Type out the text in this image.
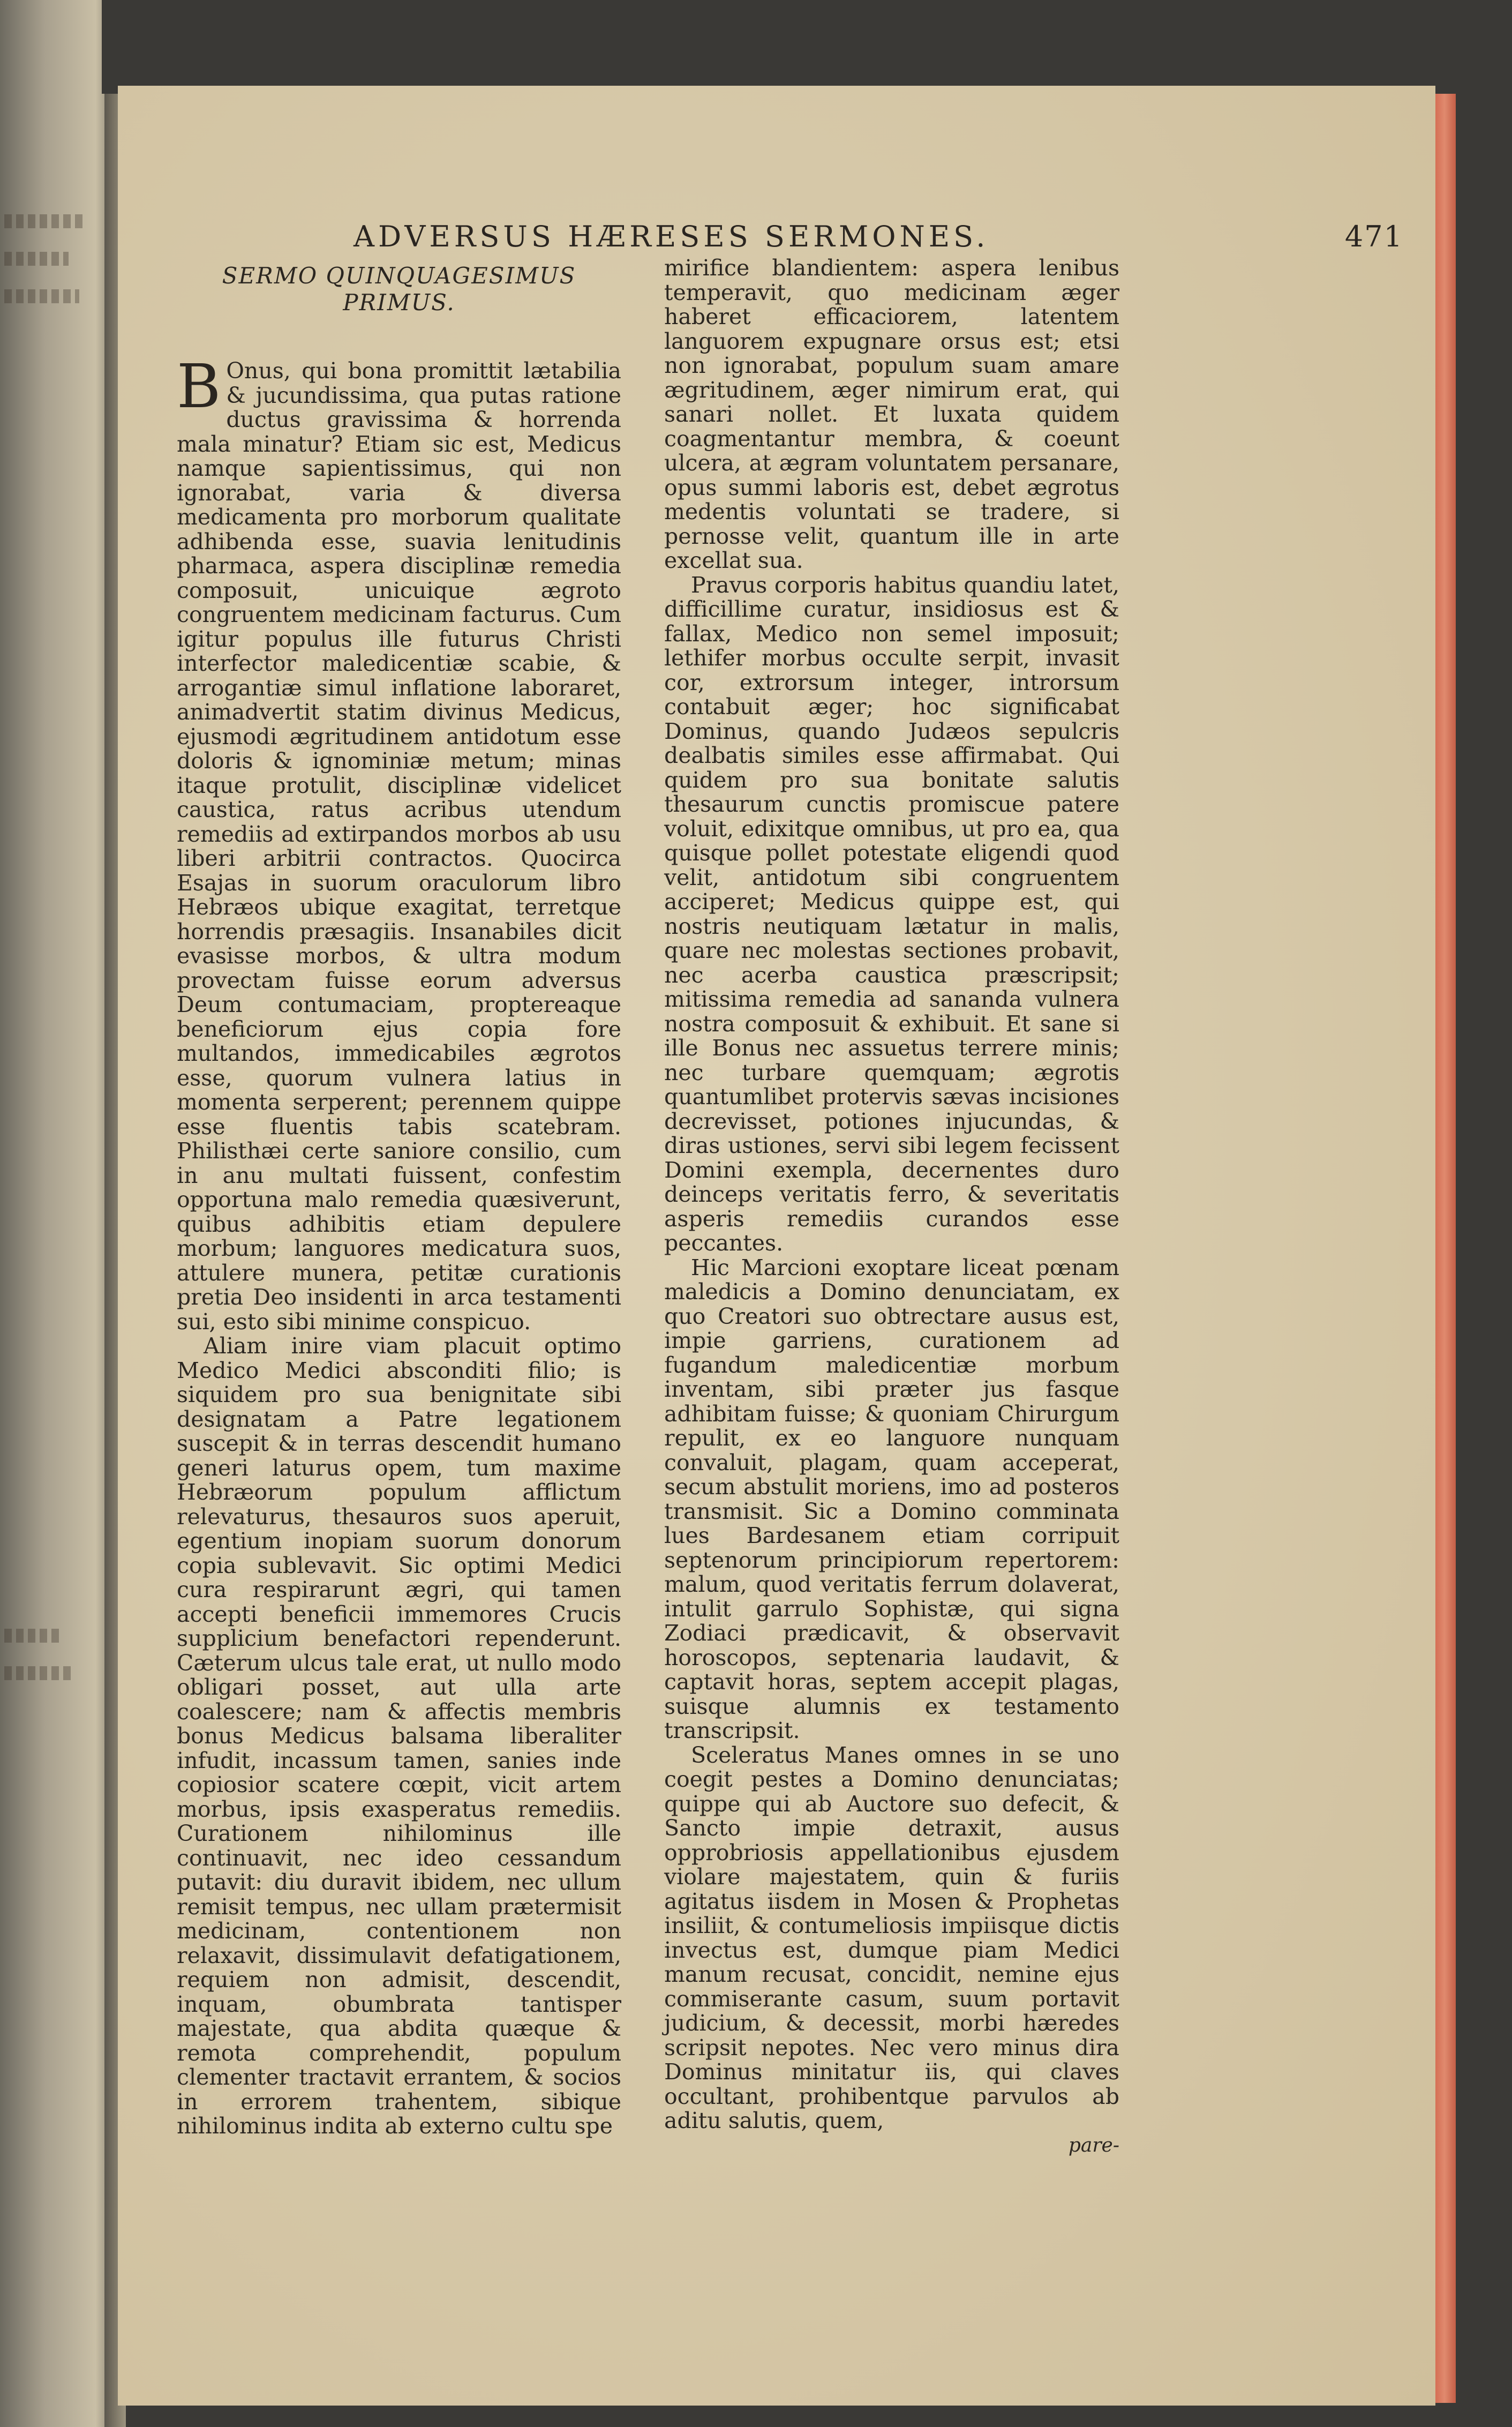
ADVERSUS HÆRESES SERMONES.	471
SERMO QUINQUAGESIMUS PRIMUS.

B Onus, qui bona promittit lætabilia & jucundissima, qua putas ratione ductus gravissima & horrenda mala minatur? Etiam sic est, Medicus namque sapientissimus, qui non ignorabat, varia & diversa medicamenta pro morborum qualitate adhibenda esse, suavia lenitudinis pharmaca, aspera disciplinæ remedia composuit, unicuique ægroto congruentem medicinam facturus. Cum igitur populus ille futurus Christi interfector maledicentiæ scabie, & arrogantiæ simul inflatione laboraret, animadvertit statim divinus Medicus, ejusmodi ægritudinem antidotum esse doloris & ignominiæ metum; minas itaque protulit, disciplinæ videlicet caustica, ratus acribus utendum remediis ad extirpandos morbos ab usu liberi arbitrii contractos. Quocirca Esajas in suorum oraculorum libro Hebræos ubique exagitat, terretque horrendis præsagiis. Insanabiles dicit evasisse morbos, & ultra modum provectam fuisse eorum adversus Deum contumaciam, proptereaque beneficiorum ejus copia fore multandos, immedicabiles ægrotos esse, quorum vulnera latius in momenta serperent; perennem quippe esse fluentis tabis scatebram. Philisthæi certe saniore consilio, cum in anu multati fuissent, confestim opportuna malo remedia quæsiverunt, quibus adhibitis etiam depulere morbum; languores medicatura suos, attulere munera, petitæ curationis pretia Deo insidenti in arca testamenti sui, esto sibi minime conspicuo.

Aliam inire viam placuit optimo Medico Medici absconditi filio; is siquidem pro sua benignitate sibi designatam a Patre legationem suscepit & in terras descendit humano generi laturus opem, tum maxime Hebræorum populum afflictum relevaturus, thesauros suos aperuit, egentium inopiam suorum donorum copia sublevavit. Sic optimi Medici cura respirarunt ægri, qui tamen accepti beneficii immemores Crucis supplicium benefactori rependerunt. Cæterum ulcus tale erat, ut nullo modo obligari posset, aut ulla arte coalescere; nam & affectis membris bonus Medicus balsama liberaliter infudit, incassum tamen, sanies inde copiosior scatere cœpit, vicit artem morbus, ipsis exasperatus remediis. Curationem nihilominus ille continuavit, nec ideo cessandum putavit: diu duravit ibidem, nec ullum remisit tempus, nec ullam prætermisit medicinam, contentionem non relaxavit, dissimulavit defatigationem, requiem non admisit, descendit, inquam, obumbrata tantisper majestate, qua abdita quæque & remota comprehendit, populum clementer tractavit errantem, & socios in errorem trahentem, sibique nihilominus indita ab externo cultu spe

mirifice blandientem: aspera lenibus temperavit, quo medicinam æger haberet efficaciorem, latentem languorem expugnare orsus est; etsi non ignorabat, populum suam amare ægritudinem, æger nimirum erat, qui sanari nollet. Et luxata quidem coagmentantur membra, & coeunt ulcera, at ægram voluntatem persanare, opus summi laboris est, debet ægrotus medentis voluntati se tradere, si pernosse velit, quantum ille in arte excellat sua.

Pravus corporis habitus quandiu latet, difficillime curatur, insidiosus est & fallax, Medico non semel imposuit; lethifer morbus occulte serpit, invasit cor, extrorsum integer, introrsum contabuit æger; hoc significabat Dominus, quando Judæos sepulcris dealbatis similes esse affirmabat. Qui quidem pro sua bonitate salutis thesaurum cunctis promiscue patere voluit, edixitque omnibus, ut pro ea, qua quisque pollet potestate eligendi quod velit, antidotum sibi congruentem acciperet; Medicus quippe est, qui nostris neutiquam lætatur in malis, quare nec molestas sectiones probavit, nec acerba caustica præscripsit; mitissima remedia ad sananda vulnera nostra composuit & exhibuit. Et sane si ille Bonus nec assuetus terrere minis; nec turbare quemquam; ægrotis quantumlibet protervis sævas incisiones decrevisset, potiones injucundas, & diras ustiones, servi sibi legem fecissent Domini exempla, decernentes duro deinceps veritatis ferro, & severitatis asperis remediis curandos esse peccantes.

Hic Marcioni exoptare liceat pœnam maledicis a Domino denunciatam, ex quo Creatori suo obtrectare ausus est, impie garriens, curationem ad fugandum maledicentiæ morbum inventam, sibi præter jus fasque adhibitam fuisse; & quoniam Chirurgum repulit, ex eo languore nunquam convaluit, plagam, quam acceperat, secum abstulit moriens, imo ad posteros transmisit. Sic a Domino comminata lues Bardesanem etiam corripuit septenorum principiorum repertorem: malum, quod veritatis ferrum dolaverat, intulit garrulo Sophistæ, qui signa Zodiaci prædicavit, & observavit horoscopos, septenaria laudavit, & captavit horas, septem accepit plagas, suisque alumnis ex testamento transcripsit.

Sceleratus Manes omnes in se uno coegit pestes a Domino denunciatas; quippe qui ab Auctore suo defecit, & Sancto impie detraxit, ausus opprobriosis appellationibus ejusdem violare majestatem, quin & furiis agitatus iisdem in Mosen & Prophetas insiliit, & contumeliosis impiisque dictis invectus est, dumque piam Medici manum recusat, concidit, nemine ejus commiserante casum, suum portavit judicium, & decessit, morbi hæredes scripsit nepotes. Nec vero minus dira Dominus minitatur iis, qui claves occultant, prohibentque parvulos ab aditu salutis, quem,

pare-
